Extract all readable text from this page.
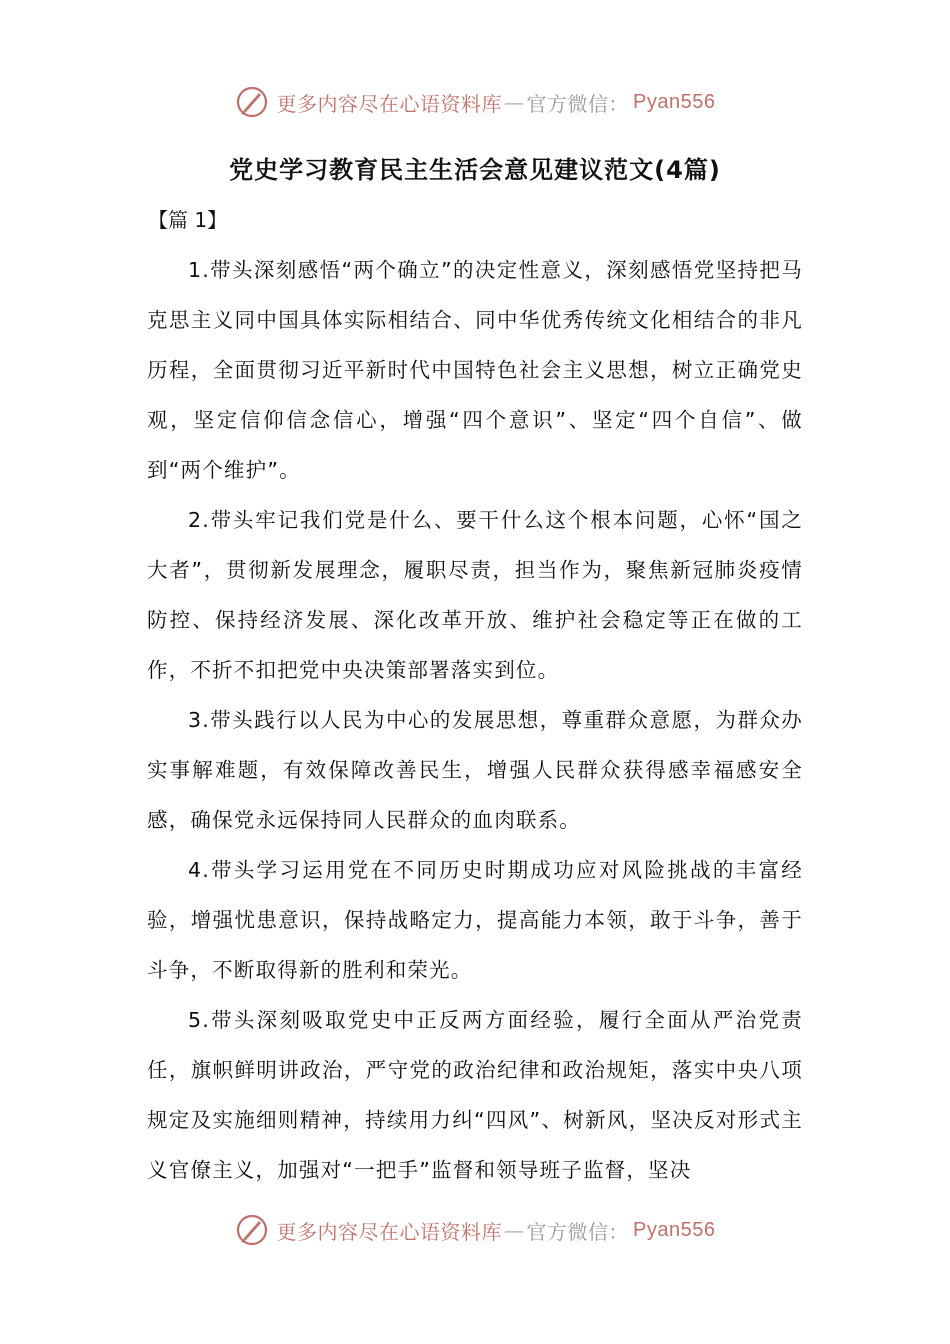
更多内容尽在心语资料库 — 官方微信： Pyan556
党史学习教育民主生活会意见建议范文(4篇)
【篇 1】

1.带头深刻感悟“两个确立”的决定性意义，深刻感悟党坚持把马克思主义同中国具体实际相结合、同中华优秀传统文化相结合的非凡历程，全面贯彻习近平新时代中国特色社会主义思想，树立正确党史观，坚定信仰信念信心，增强“四个意识”、坚定“四个自信”、做到“两个维护”。

2.带头牢记我们党是什么、要干什么这个根本问题，心怀“国之大者”，贯彻新发展理念，履职尽责，担当作为，聚焦新冠肺炎疫情防控、保持经济发展、深化改革开放、维护社会稳定等正在做的工作，不折不扣把党中央决策部署落实到位。

3.带头践行以人民为中心的发展思想，尊重群众意愿，为群众办实事解难题，有效保障改善民生，增强人民群众获得感幸福感安全感，确保党永远保持同人民群众的血肉联系。

4.带头学习运用党在不同历史时期成功应对风险挑战的丰富经验，增强忧患意识，保持战略定力，提高能力本领，敢于斗争，善于斗争，不断取得新的胜利和荣光。

5.带头深刻吸取党史中正反两方面经验，履行全面从严治党责任，旗帜鲜明讲政治，严守党的政治纪律和政治规矩，落实中央八项规定及实施细则精神，持续用力纠“四风”、树新风，坚决反对形式主义官僚主义，加强对“一把手”监督和领导班子监督，坚决

更多内容尽在心语资料库 — 官方微信： Pyan556
